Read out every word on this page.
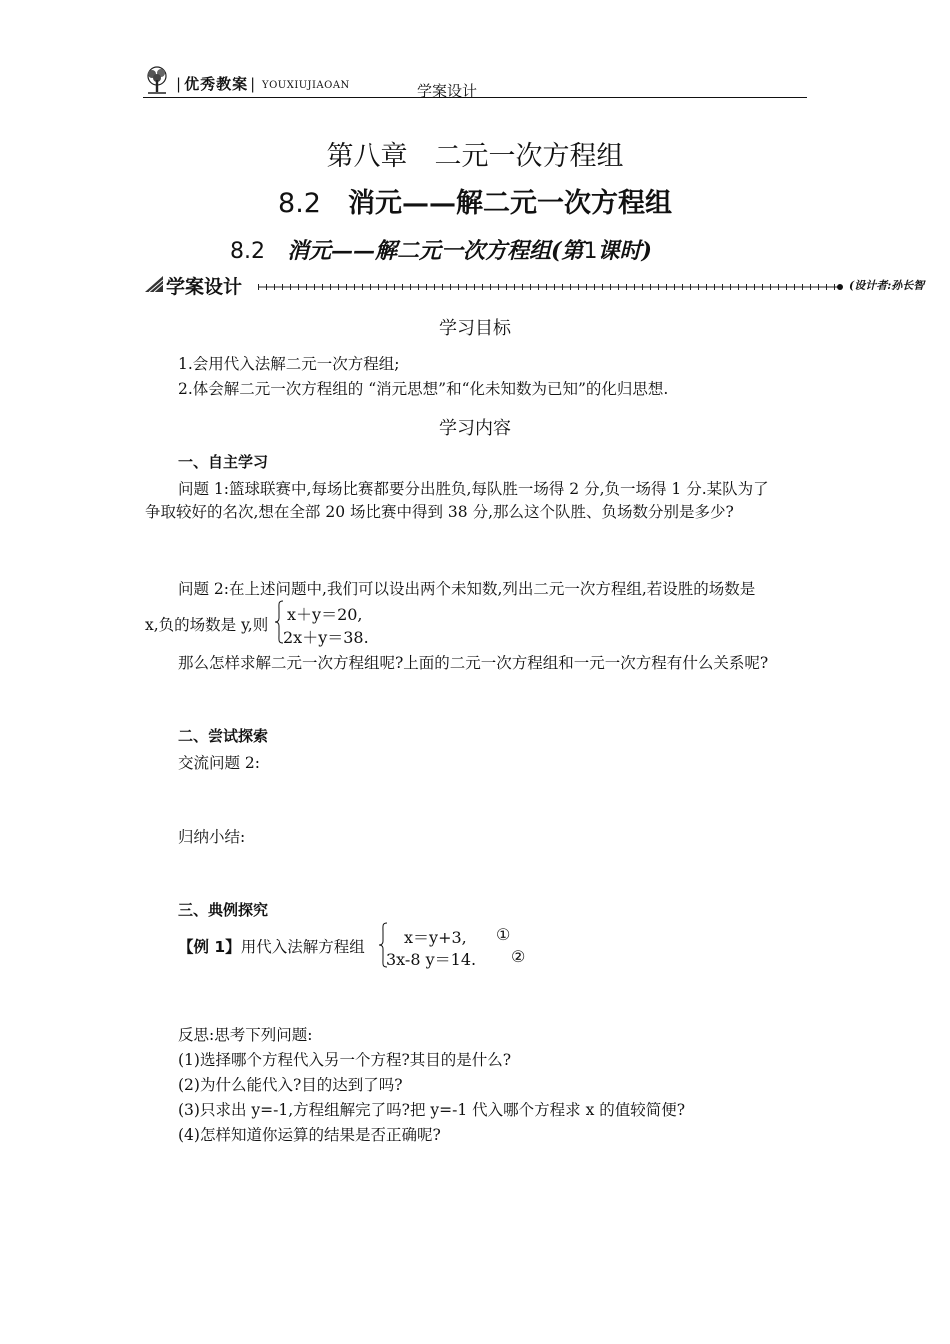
| 优秀教案 | YOUXIUJIAOAN	学案设计
第八章　二元一次方程组
8.2　 消元——解二元一次方程组
8.2　 消元——解二元一次方程组(第1课时)
学案设计	(设计者:孙长智
学习目标
1.会用代入法解二元一次方程组;
2.体会解二元一次方程组的 “消元思想”和“化未知数为已知”的化归思想.
学习内容
一、自主学习
问题 1:篮球联赛中,每场比赛都要分出胜负,每队胜一场得 2 分,负一场得 1 分.某队为了
争取较好的名次,想在全部 20 场比赛中得到 38 分,那么这个队胜、负场数分别是多少?
问题 2:在上述问题中,我们可以设出两个未知数,列出二元一次方程组,若设胜的场数是
x,负的场数是 y,则
x＋y＝20,
2x＋y＝38.
那么怎样求解二元一次方程组呢?上面的二元一次方程组和一元一次方程有什么关系呢?
二、尝试探索
交流问题 2:
归纳小结:
三、典例探究
【例 1】用代入法解方程组 x＝y+3, ①
3x-8 y＝14. ②
反思:思考下列问题:
(1)选择哪个方程代入另一个方程?其目的是什么?
(2)为什么能代入?目的达到了吗?
(3)只求出 y=-1,方程组解完了吗?把 y=-1 代入哪个方程求 x 的值较简便?
(4)怎样知道你运算的结果是否正确呢?
